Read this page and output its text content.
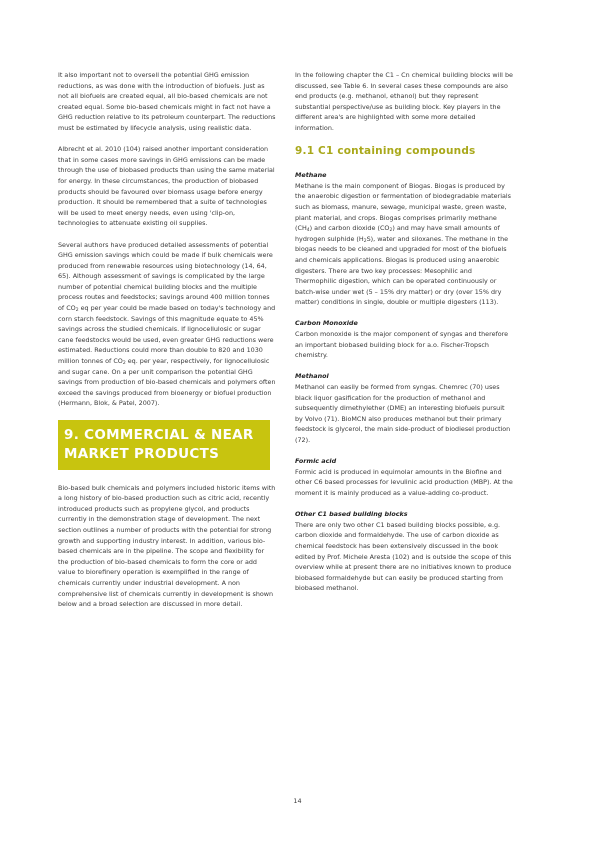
It also important not to oversell the potential GHG emission reductions, as was done with the introduction of biofuels. Just as not all biofuels are created equal, all bio-based chemicals are not created equal. Some bio-based chemicals might in fact not have a GHG reduction relative to its petroleum counterpart. The reductions must be estimated by lifecycle analysis, using realistic data.

Albrecht et al. 2010 (104) raised another important consideration that in some cases more savings in GHG emissions can be made through the use of biobased products than using the same material for energy. In these circumstances, the production of biobased products should be favoured over biomass usage before energy production. It should be remembered that a suite of technologies will be used to meet energy needs, even using 'clip-on, technologies to attenuate existing oil supplies.

Several authors have produced detailed assessments of potential GHG emission savings which could be made if bulk chemicals were produced from renewable resources using biotechnology (14, 64, 65). Although assessment of savings is complicated by the large number of potential chemical building blocks and the multiple process routes and feedstocks; savings around 400 million tonnes of $CO_2$ eq per year could be made based on today's technology and corn starch feedstock. Savings of this magnitude equate to 45% savings across the studied chemicals. If lignocellulosic or sugar cane feedstocks would be used, even greater GHG reductions were estimated. Reductions could more than double to 820 and 1030 million tonnes of $CO_2$ eq. per year, respectively, for lignocellulosic and sugar cane. On a per unit comparison the potential GHG savings from production of bio-based chemicals and polymers often exceed the savings produced from bioenergy or biofuel production (Hermann, Blok, & Patel, 2007).

9. COMMERCIAL & NEAR MARKET PRODUCTS

Bio-based bulk chemicals and polymers included historic items with a long history of bio-based production such as citric acid, recently introduced products such as propylene glycol, and products currently in the demonstration stage of development. The next section outlines a number of products with the potential for strong growth and supporting industry interest. In addition, various bio-based chemicals are in the pipeline. The scope and flexibility for the production of bio-based chemicals to form the core or add value to biorefinery operation is exemplified in the range of chemicals currently under industrial development. A non comprehensive list of chemicals currently in development is shown below and a broad selection are discussed in more detail.

In the following chapter the C1 – Cn chemical building blocks will be discussed, see Table 6. In several cases these compounds are also end products (e.g. methanol, ethanol) but they represent substantial perspective/use as building block. Key players in the different area's are highlighted with some more detailed information.

9.1 C1 containing compounds
Methane
Methane is the main component of Biogas. Biogas is produced by the anaerobic digestion or fermentation of biodegradable materials such as biomass, manure, sewage, municipal waste, green waste, plant material, and crops. Biogas comprises primarily methane $(CH_4)$ and carbon dioxide $(CO_2)$ and may have small amounts of hydrogen sulphide $(H_2S)$, water and siloxanes. The methane in the biogas needs to be cleaned and upgraded for most of the biofuels and chemicals applications. Biogas is produced using anaerobic digesters. There are two key processes: Mesophilic and Thermophilic digestion, which can be operated continuously or batch-wise under wet (5 – 15% dry matter) or dry (over 15% dry matter) conditions in single, double or multiple digesters (113).
Carbon Monoxide
Carbon monoxide is the major component of syngas and therefore an important biobased building block for a.o. Fischer-Tropsch chemistry.
Methanol
Methanol can easily be formed from syngas. Chemrec (70) uses black liquor gasification for the production of methanol and subsequently dimethylether (DME) an interesting biofuels pursuit by Volvo (71). BioMCN also produces methanol but their primary feedstock is glycerol, the main side-product of biodiesel production (72).
Formic acid
Formic acid is produced in equimolar amounts in the Biofine and other C6 based processes for levulinic acid production (MBP). At the moment it is mainly produced as a value-adding co-product.
Other C1 based building blocks
There are only two other C1 based building blocks possible, e.g. carbon dioxide and formaldehyde. The use of carbon dioxide as chemical feedstock has been extensively discussed in the book edited by Prof. Michele Aresta (102) and is outside the scope of this overview while at present there are no initiatives known to produce biobased formaldehyde but can easily be produced starting from biobased methanol.
14
